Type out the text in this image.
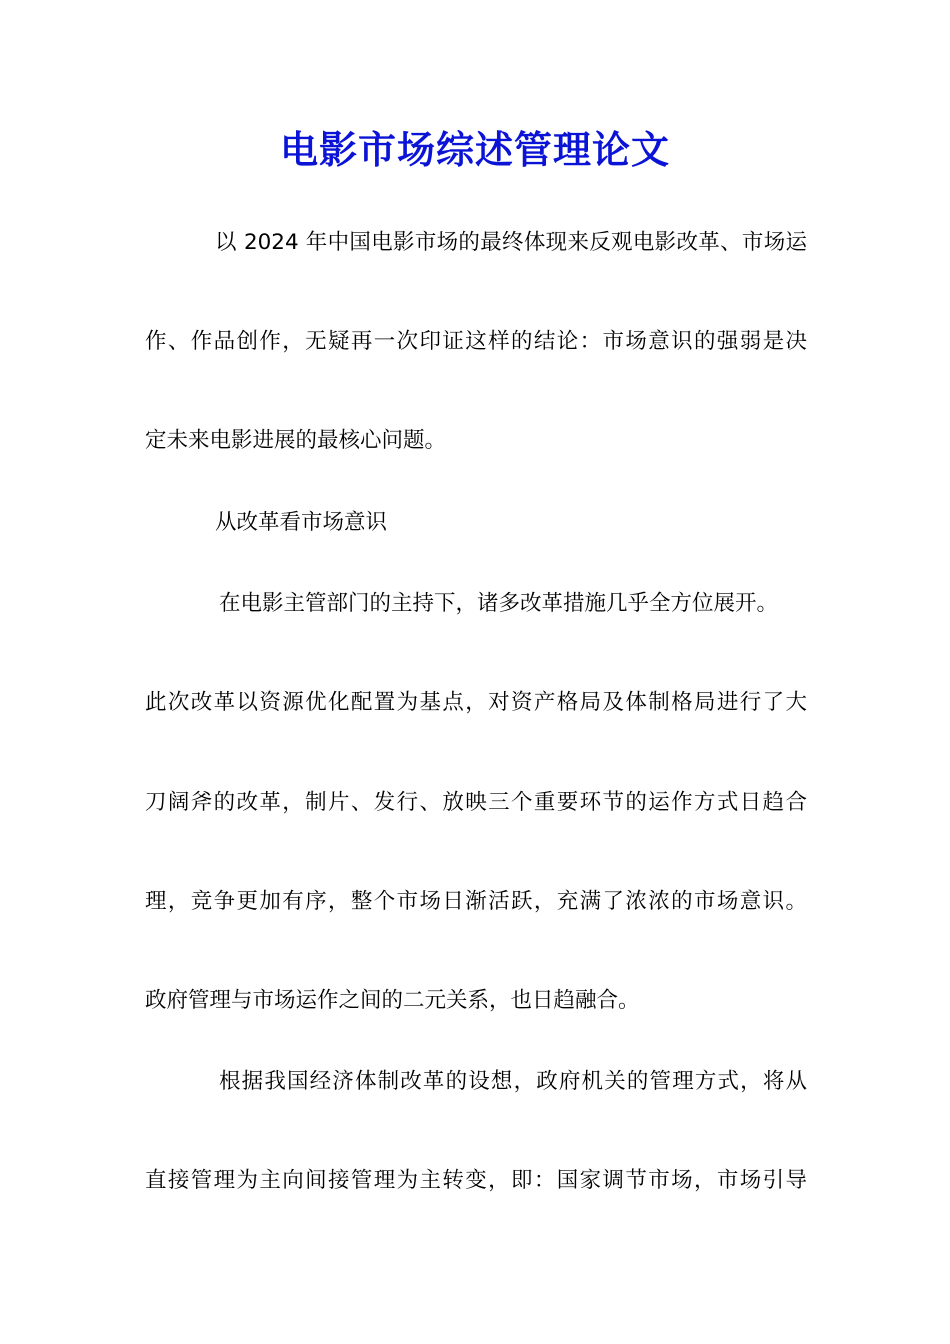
电影市场综述管理论文
以 2024 年中国电影市场的最终体现来反观电影改革、市场运
作、作品创作，无疑再一次印证这样的结论：市场意识的强弱是决
定未来电影进展的最核心问题。
从改革看市场意识
在电影主管部门的主持下，诸多改革措施几乎全方位展开。
此次改革以资源优化配置为基点，对资产格局及体制格局进行了大
刀阔斧的改革，制片、发行、放映三个重要环节的运作方式日趋合
理，竞争更加有序，整个市场日渐活跃，充满了浓浓的市场意识。
政府管理与市场运作之间的二元关系，也日趋融合。
根据我国经济体制改革的设想，政府机关的管理方式，将从
直接管理为主向间接管理为主转变，即：国家调节市场，市场引导
